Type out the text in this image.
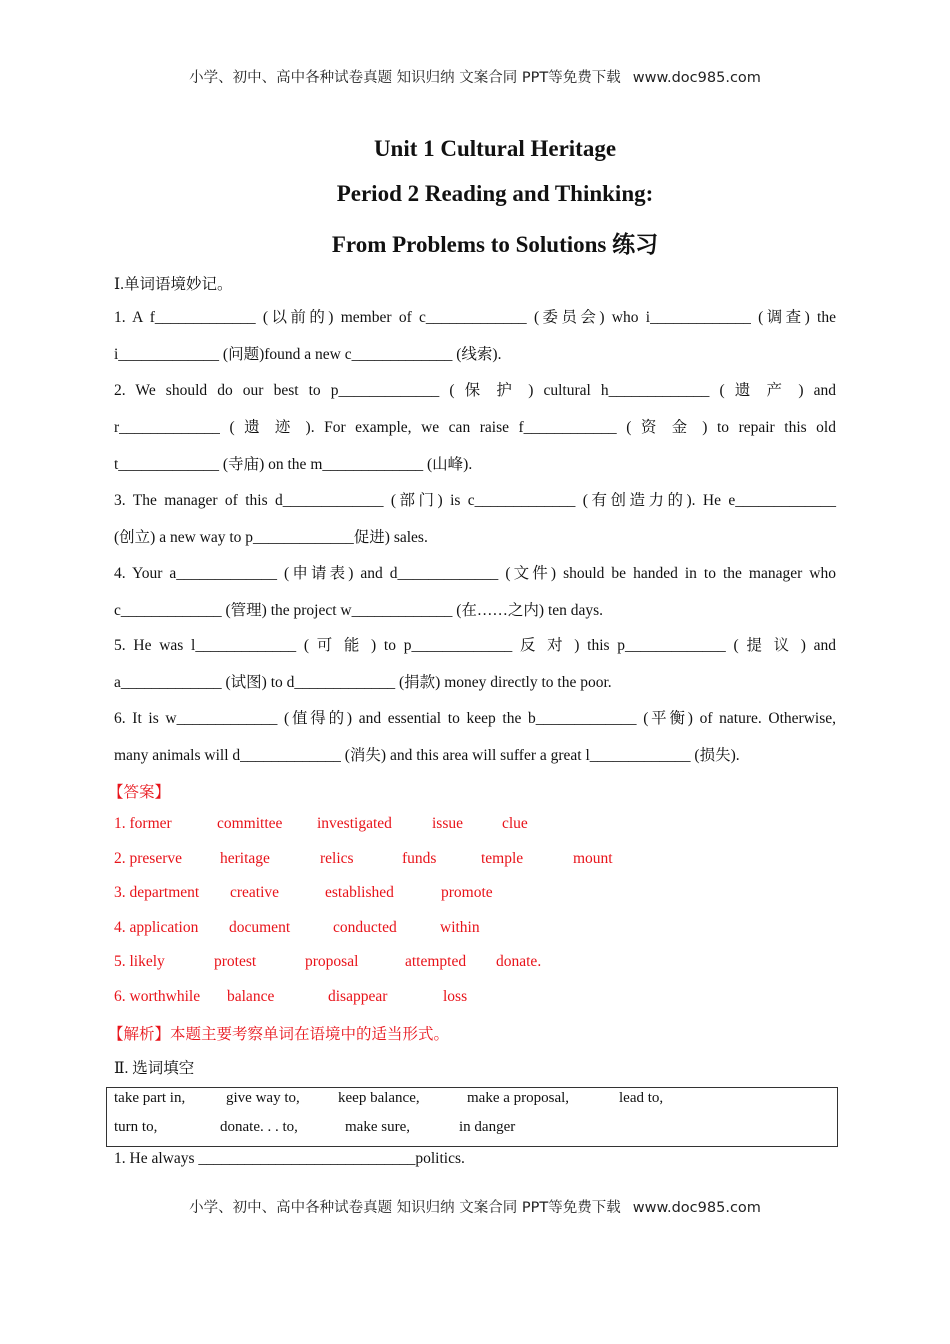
小学、初中、高中各种试卷真题 知识归纳 文案合同 PPT等免费下载 www.doc985.com
Unit 1 Cultural Heritage
Period 2 Reading and Thinking:
From Problems to Solutions 练习
Ⅰ.单词语境妙记。
1. A f_____________ (以前的) member of c_____________ (委员会) who i_____________ (调查) the
i_____________ (问题)found a new c_____________ (线索).
2. We should do our best to p_____________ ( 保 护 ) cultural h_____________ ( 遗 产 ) and
r_____________ ( 遗 迹 ). For example, we can raise f____________ ( 资 金 ) to repair this old
t_____________ (寺庙) on the m_____________ (山峰).
3. The manager of this d_____________ (部门) is c_____________ (有创造力的). He e_____________
(创立) a new way to p_____________促进) sales.
4. Your a_____________ (申请表) and d_____________ (文件) should be handed in to the manager who
c_____________ (管理) the project w_____________ (在……之内) ten days.
5. He was l_____________ ( 可 能 ) to p_____________ 反 对 ) this p_____________ ( 提 议 ) and
a_____________ (试图) to d_____________ (捐款) money directly to the poor.
6. It is w_____________ (值得的) and essential to keep the b_____________ (平衡) of nature. Otherwise,
many animals will d_____________ (消失) and this area will suffer a great l_____________ (损失).
【答案】
1. former	committee investigated	issue	clue
2. preserve heritage	relics	funds	temple	mount
3. department creative	established	promote
4. application document	conducted	within
5. likely	protest	proposal	attempted donate.
6. worthwhile balance	disappear	loss
【解析】本题主要考察单词在语境中的适当形式。
Ⅱ. 选词填空
take part in,	give way to,	keep balance,	make a proposal,	lead to,
turn to,	donate. . . to,	make sure,	in danger
1. He always ____________________________politics.
小学、初中、高中各种试卷真题 知识归纳 文案合同 PPT等免费下载 www.doc985.com
